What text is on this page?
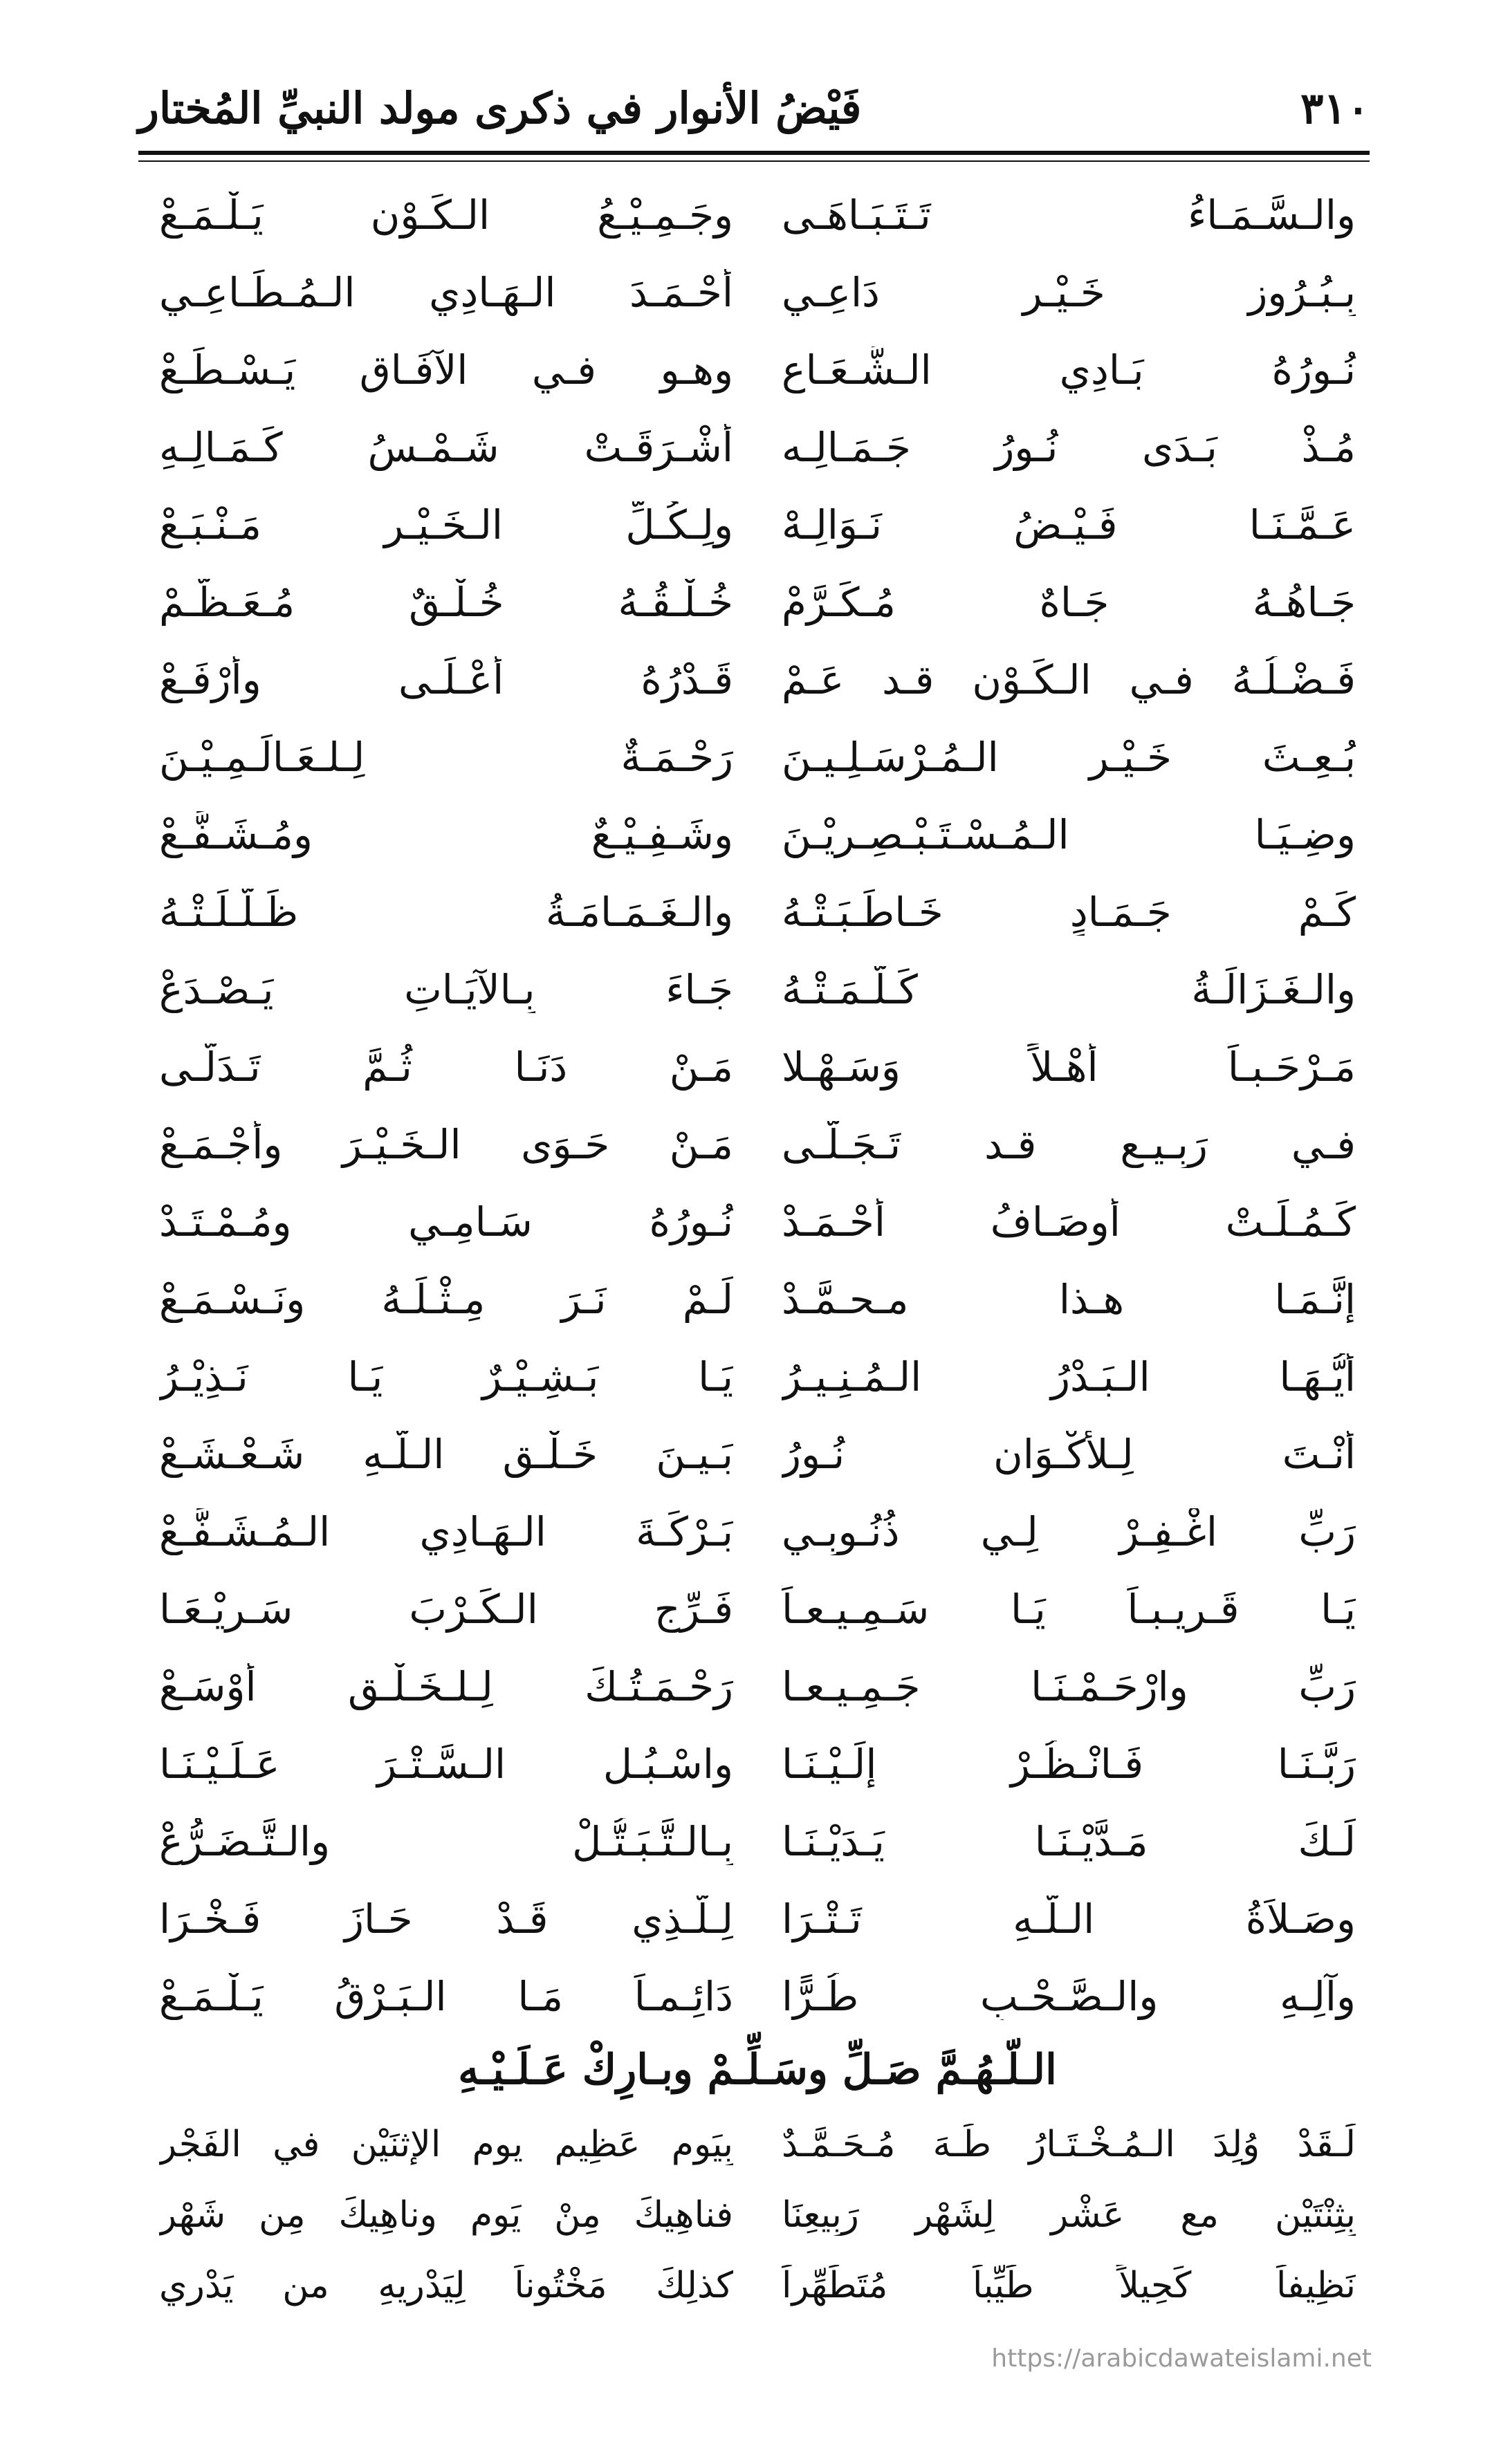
٣١٠
فَيْضُ الأنوار في ذكرى مولد النبيِّ المُختار
والـسَّـمَـاءُ تَـتَـبَـاهَـى
وجَـمِـيْـعُ الـكَـوْنِ يَـلْـمَـعْ
بِـبُـرُوزِ خَـيْـرِ دَاعِـي
أَحْـمَـدَ الـهَـادِي الـمُـطَـاعِـي
نُـورُهُ بَـادِي الـشُّـعَـاعِ
وهـو فـي الآفَـاقِ يَـسْـطَـعْ
مُـذْ بَـدَى نُـورُ جَـمَـالِـه
أَشْـرَقَـتْ شَـمْـسُ كَـمَـالِـهِ
عَـمَّـنَـا فَـيْـضُ نَـوَالِـهْ
ولِـكُـلِّ الـخَـيْـرِ مَـنْـبَـعْ
جَـاهُـهُ جَـاهٌ مُـكَـرَّمْ
خُـلْـقُـهُ خُـلْـقٌ مُـعَـظَّـمْ
فَـضْـلُـهُ فـي الـكَـوْنِ قـد عَـمْ
قَـدْرُهُ أَعْـلَـى وأرْفَـعْ
بُـعِـثَ خَـيْـرِ الـمُـرْسَـلِـيـنَ
رَحْـمَـةٌ لِـلـعَـالَـمِـيْـنَ
وضِـيَـا الـمُـسْـتَـبْـصِـرِيْـنَ
وشَـفِـيْـعٌ ومُـشَـفَّـعْ
كَـمْ جَـمَـادٍ خَـاطَـبَـتْـهُ
والـغَـمَـامَـةُ ظَـلَّـلَـتْـهُ
والـغَـزَالَـةُ كَـلَّـمَـتْـهُ
جَـاءَ بِـالآيَـاتِ يَـصْـدَعْ
مَـرْحَـبـاً أَهْـلاً وَسَـهْـلا
مَـنْ دَنَـا ثُـمَّ تَـدَلَّـى
فـي رَبِـيـعٍ قـد تَـجَـلَّـى
مَـنْ حَـوَى الـخَـيْـرَ وأَجْـمَـعْ
كَـمُـلَـتْ أَوصَـافُ أَحْـمَـدْ
نُـورُهُ سَـامِـي ومُـمْـتَـدْ
إِنَّـمَـا هـذا مـحـمَّـدْ
لَـمْ نَـرَ مِـثْـلَـهُ ونَـسْـمَـعْ
أَيُّـهَـا الـبَـدْرُ الـمُـنِـيـرُ
يَـا بَـشِـيْـرٌ يَـا نَـذِيْـرُ
أَنْـتَ لِـلأَكْـوَانِ نُـورُ
بَـيـنَ خَـلْـقِ الـلّـهِ شَـعْـشَـعْ
رَبِّ اغْـفِـرْ لِـي ذُنُـوبِـي
بَـرْكَـةَ الـهَـادِي الـمُـشَـفَّـعْ
يَـا قَـرِيـبـاً يَـا سَـمِـيـعـاً
فَـرِّجِ الـكَـرْبَ سَـرِيْـعَـا
رَبِّ وارْحَـمْـنَـا جَـمِـيـعـا
رَحْـمَـتُـكَ لِـلـخَـلْـقِ أَوْسَـعْ
رَبَّـنَـا فَـانْـظُـرْ إِلَـيْـنَـا
واسْـبُـلِ الـسَّـتْـرَ عَـلَـيْـنَـا
لَـكَ مَـدَّيْـنَـا يَـدَيْـنَـا
بِـالـتَّـبَـتُّـلْ والـتَّـضَـرُّعْ
وصَـلاَةُ الـلّـهِ تَـتْـرَا
لِـلَّـذِي قَـدْ حَـازَ فَـخْـرَا
وآلِـهِ والـصَّـحْـبِ طُـرًّا
دَائِـمـاً مَـا الـبَـرْقُ يَـلْـمَـعْ
الـلّـهُـمَّ صَـلِّ وسَـلِّـمْ وبـارِكْ عَـلَـيْـهِ
لَـقَدْ وُلِدَ الـمُـخْـتَـارُ طَـهَ مُـحَـمَّـدٌ
بِيَوم عَظِيم يومِ الإثنَيْنِ في الفَجْرِ
بِثِنْتَيْنِ مع عَشْرٍ لِشَهْرِ رَبِيعِنَا
فناهِيكَ مِنْ يَومٍ وناهِيكَ مِن شَهْرِ
نَظِيفاً كَحِيلاً طَيِّباً مُتَطَهِّراً
كذلِكَ مَخْتُوناً لِيَدْرِيهِ من يَدْرِي
https://arabicdawateislami.net
